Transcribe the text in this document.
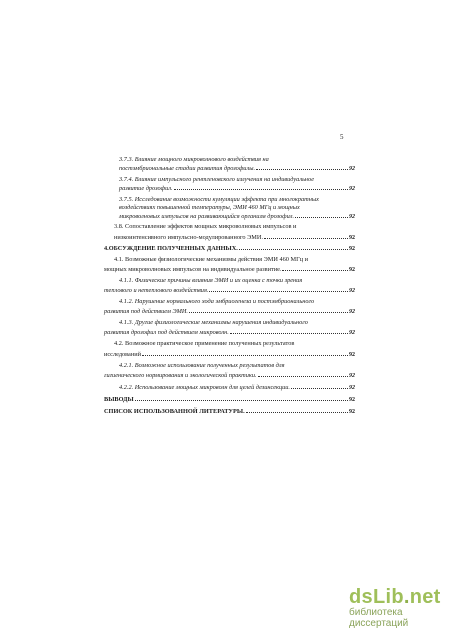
5
3.7.3. Влияние мощного микроволнового воздействия на
постэмбриональные стадии развития дрозофилы.	92
3.7.4. Влияние импульсного рентгеновского излучения на индивидуальное
развитие дрозофил.	92
3.7.5. Исследование возможности кумуляции эффекта при многократных
воздействиях повышенной температуры, ЭМИ 460 МГц и мощных
микроволновых импульсов на развивающийся организм дрозофил.	92
3.8. Сопоставление эффектов мощных микроволновых импульсов и
низкоинтенсивного импульсно-модулированного ЭМИ.	92
4.ОБСУЖДЕНИЕ ПОЛУЧЕННЫХ ДАННЫХ.	92
4.1. Возможные физиологические механизмы действия ЭМИ 460 МГц и
мощных микроволновых импульсов на индивидуальное развитие.	92
4.1.1. Физические причины влияния ЭМИ и их оценка с точки зрения
теплового и нетеплового воздействия.	92
4.1.2. Нарушение нормального хода эмбриогенеза и постэмбрионального
развития под действием ЭМИ.	92
4.1.3. Другие физиологические механизмы нарушения индивидуального
развития дрозофил под действием микроволн.	92
4.2. Возможное практическое применение полученных результатов
исследований	92
4.2.1. Возможное использование полученных результатов для
гигиенического нормирования и экологической практики.	92
4.2.2. Использование мощных микроволн для целей дезинсекции.	92
ВЫВОДЫ	92
СПИСОК ИСПОЛЬЗОВАННОЙ ЛИТЕРАТУРЫ.	92
dsLib.net
библиотека диссертаций
